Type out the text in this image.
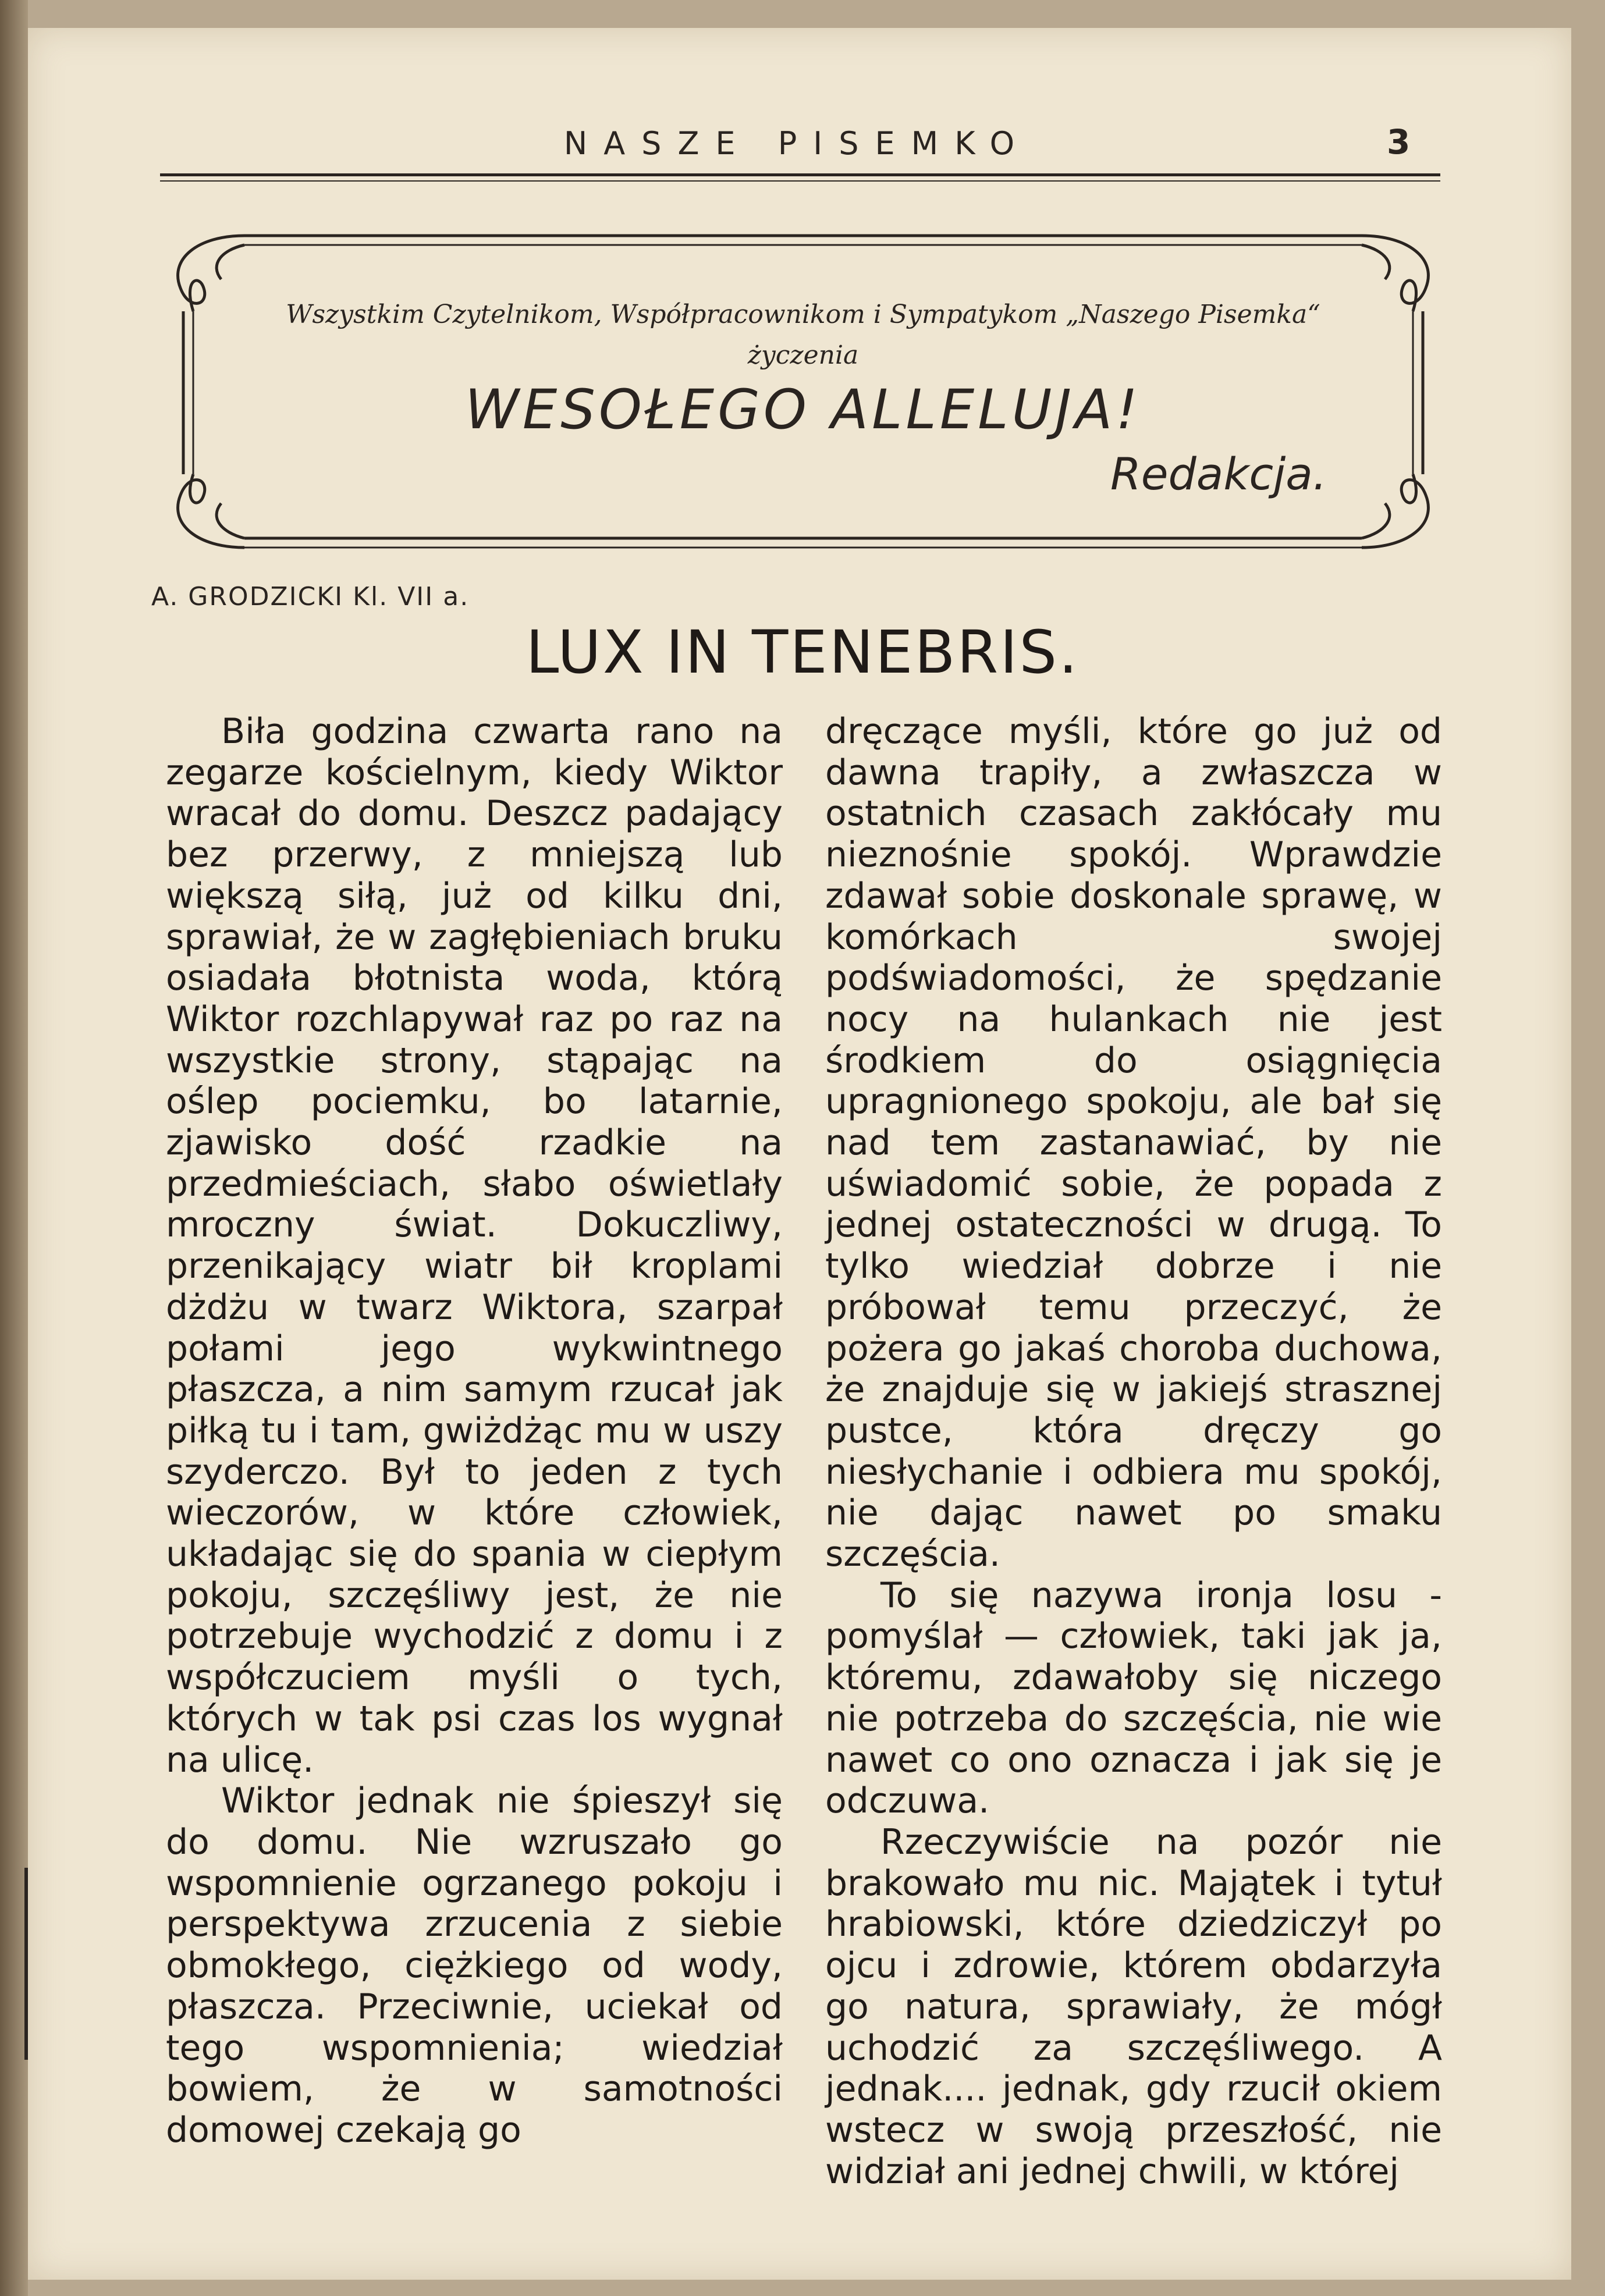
NASZE PISEMKO	3
Wszystkim Czytelnikom, Współpracownikom i Sympatykom „Naszego Pisemka“
życzenia
WESOŁEGO ALLELUJA!
Redakcja.
A. GRODZICKI Kl. VII a.
LUX IN TENEBRIS.

Biła godzina czwarta rano na zegarze kościelnym, kiedy Wiktor wracał do domu. Deszcz padający bez przerwy, z mniejszą lub większą siłą, już od kilku dni, sprawiał, że w zagłębieniach bruku osiadała błotnista woda, którą Wiktor rozchlapywał raz po raz na wszystkie strony, stąpając na oślep pociemku, bo latarnie, zjawisko dość rzadkie na przedmieściach, słabo oświetlały mroczny świat. Dokuczliwy, przenikający wiatr bił kroplami dżdżu w twarz Wiktora, szarpał połami jego wykwintnego płaszcza, a nim samym rzucał jak piłką tu i tam, gwiżdżąc mu w uszy szyderczo. Był to jeden z tych wieczorów, w które człowiek, układając się do spania w ciepłym pokoju, szczęśliwy jest, że nie potrzebuje wychodzić z domu i z współczuciem myśli o tych, których w tak psi czas los wygnał na ulicę.

Wiktor jednak nie śpieszył się do domu. Nie wzruszało go wspomnienie ogrzanego pokoju i perspektywa zrzucenia z siebie obmokłego, ciężkiego od wody, płaszcza. Przeciwnie, uciekał od tego wspomnienia; wiedział bowiem, że w samotności domowej czekają go

dręczące myśli, które go już od dawna trapiły, a zwłaszcza w ostatnich czasach zakłócały mu nieznośnie spokój. Wprawdzie zdawał sobie doskonale sprawę, w komórkach swojej podświadomości, że spędzanie nocy na hulankach nie jest środkiem do osiągnięcia upragnionego spokoju, ale bał się nad tem zastanawiać, by nie uświadomić sobie, że popada z jednej ostateczności w drugą. To tylko wiedział dobrze i nie próbował temu przeczyć, że pożera go jakaś choroba duchowa, że znajduje się w jakiejś strasznej pustce, która dręczy go niesłychanie i odbiera mu spokój, nie dając nawet po smaku szczęścia.

To się nazywa ironja losu - pomyślał — człowiek, taki jak ja, któremu, zdawałoby się niczego nie potrzeba do szczęścia, nie wie nawet co ono oznacza i jak się je odczuwa.

Rzeczywiście na pozór nie brakowało mu nic. Majątek i tytuł hrabiowski, które dziedziczył po ojcu i zdrowie, którem obdarzyła go natura, sprawiały, że mógł uchodzić za szczęśliwego. A jednak.... jednak, gdy rzucił okiem wstecz w swoją przeszłość, nie widział ani jednej chwili, w której
